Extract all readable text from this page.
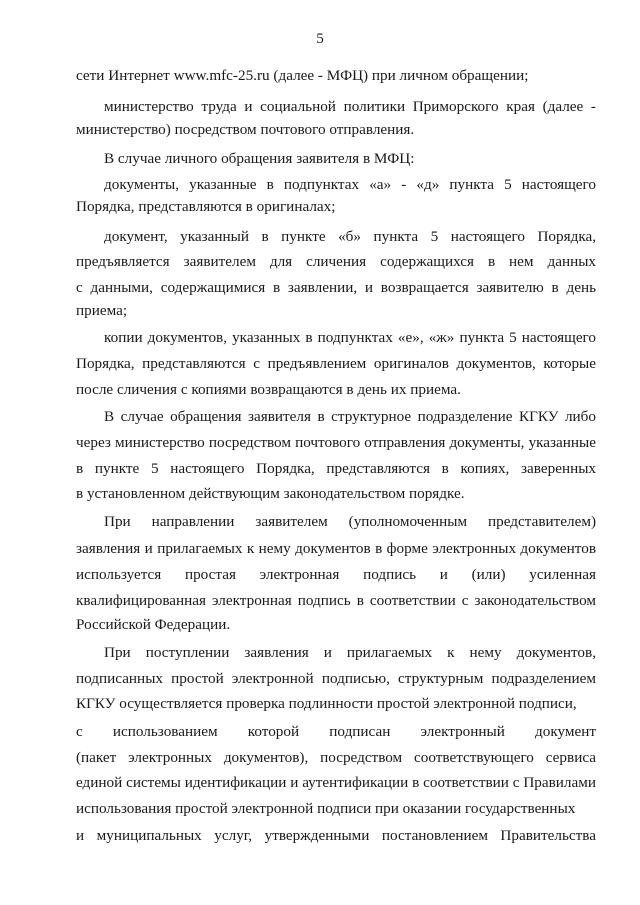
5
сети Интернет www.mfc-25.ru (далее - МФЦ) при личном обращении;
министерство труда и социальной политики Приморского края (далее -
министерство) посредством почтового отправления.
В случае личного обращения заявителя в МФЦ:
документы, указанные в подпунктах «а» - «д» пункта 5 настоящего
Порядка, представляются в оригиналах;
документ, указанный в пункте «б» пункта 5 настоящего Порядка,
предъявляется заявителем для сличения содержащихся в нем данных
с данными, содержащимися в заявлении, и возвращается заявителю в день
приема;
копии документов, указанных в подпунктах «е», «ж» пункта 5 настоящего
Порядка, представляются с предъявлением оригиналов документов, которые
после сличения с копиями возвращаются в день их приема.
В случае обращения заявителя в структурное подразделение КГКУ либо
через министерство посредством почтового отправления документы, указанные
в пункте 5 настоящего Порядка, представляются в копиях, заверенных
в установленном действующим законодательством порядке.
При направлении заявителем (уполномоченным представителем)
заявления и прилагаемых к нему документов в форме электронных документов
используется простая электронная подпись и (или) усиленная
квалифицированная электронная подпись в соответствии с законодательством
Российской Федерации.
При поступлении заявления и прилагаемых к нему документов,
подписанных простой электронной подписью, структурным подразделением
КГКУ осуществляется проверка подлинности простой электронной подписи,
с использованием которой подписан электронный документ
(пакет электронных документов), посредством соответствующего сервиса
единой системы идентификации и аутентификации в соответствии с Правилами
использования простой электронной подписи при оказании государственных
и муниципальных услуг, утвержденными постановлением Правительства
